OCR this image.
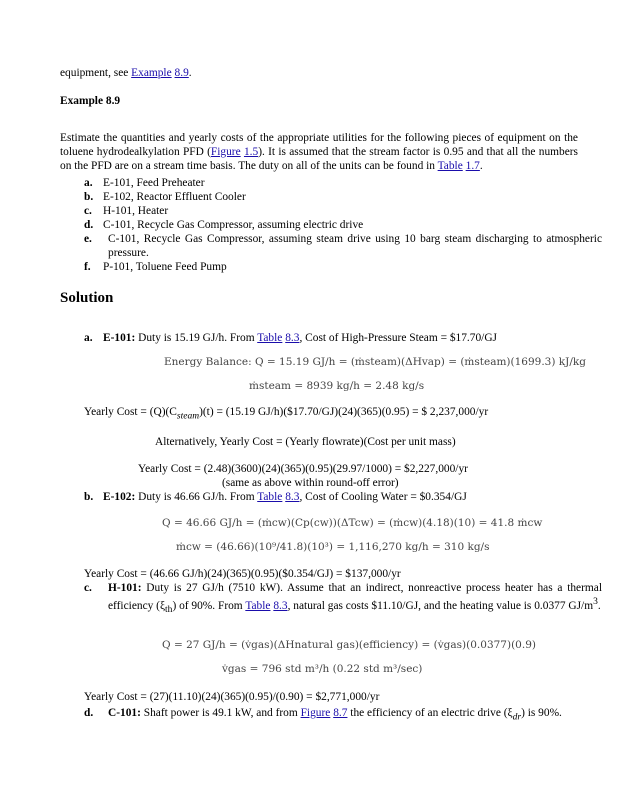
equipment, see Example 8.9.
Example 8.9
Estimate the quantities and yearly costs of the appropriate utilities for the following pieces of equipment on the toluene hydrodealkylation PFD (Figure 1.5). It is assumed that the stream factor is 0.95 and that all the numbers on the PFD are on a stream time basis. The duty on all of the units can be found in Table 1.7.
a. E-101, Feed Preheater
b. E-102, Reactor Effluent Cooler
c. H-101, Heater
d. C-101, Recycle Gas Compressor, assuming electric drive
e. C-101, Recycle Gas Compressor, assuming steam drive using 10 barg steam discharging to atmospheric pressure.
f. P-101, Toluene Feed Pump
Solution
a. E-101: Duty is 15.19 GJ/h. From Table 8.3, Cost of High-Pressure Steam = $17.70/GJ
Energy Balance: Q = 15.19 GJ/h = (ṁsteam)(ΔHvap) = (ṁsteam)(1699.3) kJ/kg
ṁsteam = 8939 kg/h = 2.48 kg/s
Yearly Cost = $(Q)(C_{steam})(t) = (15.19$ GJ/h)($17.70/GJ)(24)(365)(0.95) = $ 2,237,000/yr
Alternatively, Yearly Cost = (Yearly flowrate)(Cost per unit mass)
Yearly Cost = (2.48)(3600)(24)(365)(0.95)(29.97/1000) = $2,227,000/yr
(same as above within round-off error)
b. E-102: Duty is 46.66 GJ/h. From Table 8.3, Cost of Cooling Water = $0.354/GJ
Q = 46.66 GJ/h = (ṁcw)(Cp(cw))(ΔTcw) = (ṁcw)(4.18)(10) = 41.8 ṁcw
ṁcw = (46.66)(10⁹/41.8)(10³) = 1,116,270 kg/h = 310 kg/s
Yearly Cost = (46.66 GJ/h)(24)(365)(0.95)($0.354/GJ) = $137,000/yr
c. H-101: Duty is 27 GJ/h (7510 kW). Assume that an indirect, nonreactive process heater has a thermal efficiency $(\xi_{th})$ of 90%. From Table 8.3, natural gas costs $11.10/GJ, and the heating value is 0.0377 $GJ/m^3$.
Q = 27 GJ/h = (v̇gas)(ΔHnatural gas)(efficiency) = (v̇gas)(0.0377)(0.9)
v̇gas = 796 std m³/h (0.22 std m³/sec)
Yearly Cost = (27)(11.10)(24)(365)(0.95)/(0.90) = $2,771,000/yr
d. C-101: Shaft power is 49.1 kW, and from Figure 8.7 the efficiency of an electric drive $(\xi_{dr})$ is 90%.
